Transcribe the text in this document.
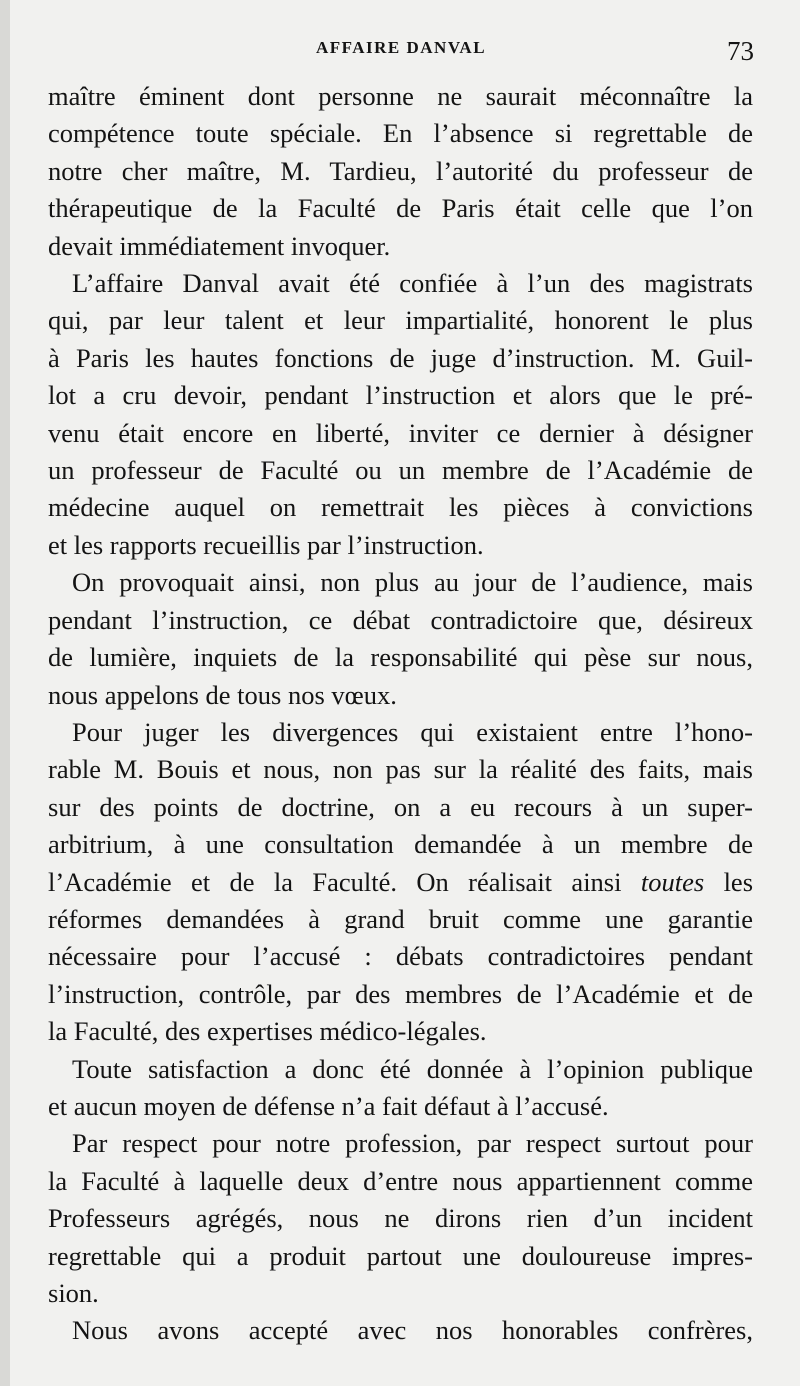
AFFAIRE DANVAL	73
maître éminent dont personne ne saurait méconnaître la
compétence toute spéciale. En l’absence si regrettable de
notre cher maître, M. Tardieu, l’autorité du professeur de
thérapeutique de la Faculté de Paris était celle que l’on
devait immédiatement invoquer.
L’affaire Danval avait été confiée à l’un des magistrats
qui, par leur talent et leur impartialité, honorent le plus
à Paris les hautes fonctions de juge d’instruction. M. Guil-
lot a cru devoir, pendant l’instruction et alors que le pré-
venu était encore en liberté, inviter ce dernier à désigner
un professeur de Faculté ou un membre de l’Académie de
médecine auquel on remettrait les pièces à convictions
et les rapports recueillis par l’instruction.
On provoquait ainsi, non plus au jour de l’audience, mais
pendant l’instruction, ce débat contradictoire que, désireux
de lumière, inquiets de la responsabilité qui pèse sur nous,
nous appelons de tous nos vœux.
Pour juger les divergences qui existaient entre l’hono-
rable M. Bouis et nous, non pas sur la réalité des faits, mais
sur des points de doctrine, on a eu recours à un super-
arbitrium, à une consultation demandée à un membre de
l’Académie et de la Faculté. On réalisait ainsi toutes les
réformes demandées à grand bruit comme une garantie
nécessaire pour l’accusé : débats contradictoires pendant
l’instruction, contrôle, par des membres de l’Académie et de
la Faculté, des expertises médico-légales.
Toute satisfaction a donc été donnée à l’opinion publique
et aucun moyen de défense n’a fait défaut à l’accusé.
Par respect pour notre profession, par respect surtout pour
la Faculté à laquelle deux d’entre nous appartiennent comme
Professeurs agrégés, nous ne dirons rien d’un incident
regrettable qui a produit partout une douloureuse impres-
sion.
Nous avons accepté avec nos honorables confrères,
